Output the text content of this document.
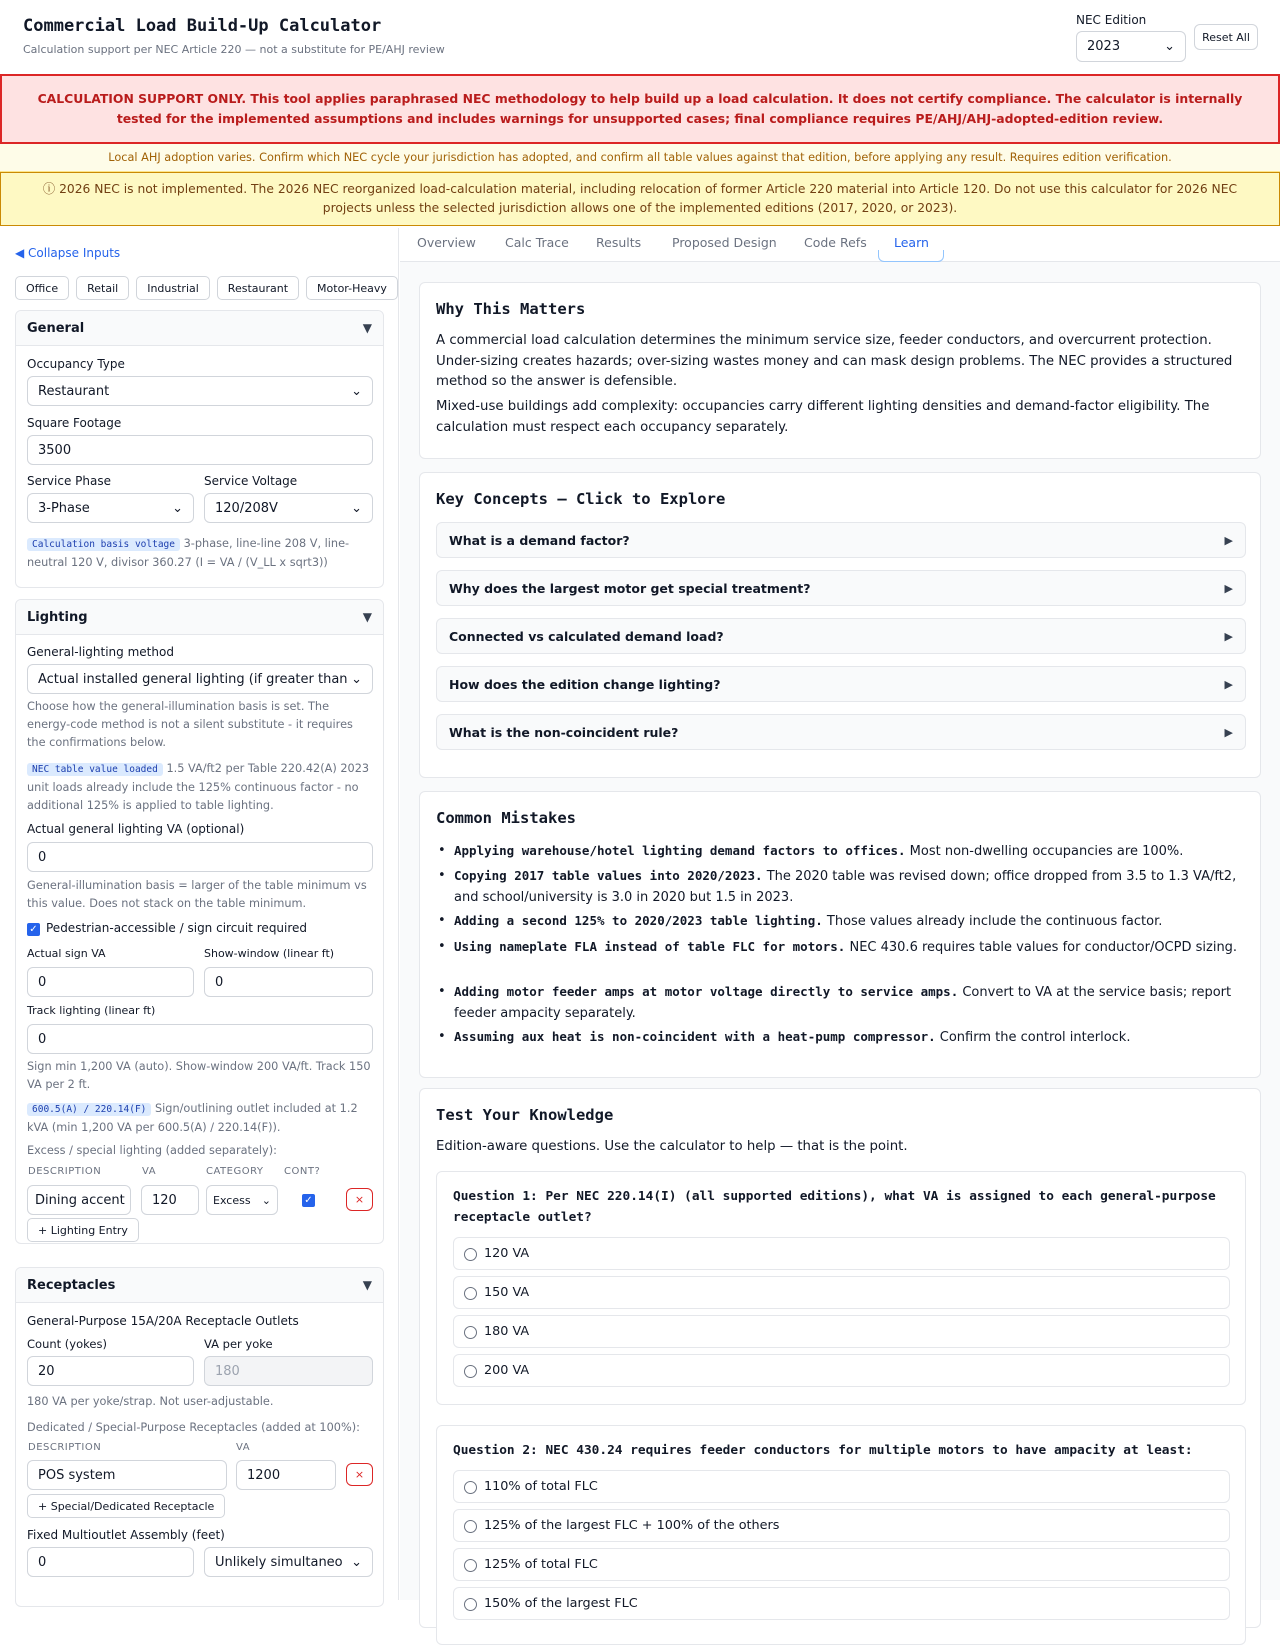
Commercial Load Build-Up Calculator
Calculation support per NEC Article 220 — not a substitute for PE/AHJ review
NEC Edition
2023	⌄
Reset All
CALCULATION SUPPORT ONLY. This tool applies paraphrased NEC methodology to help build up a load calculation. It does not certify compliance. The calculator is internally tested for the implemented assumptions and includes warnings for unsupported cases; final compliance requires PE/AHJ/AHJ-adopted-edition review.
Local AHJ adoption varies. Confirm which NEC cycle your jurisdiction has adopted, and confirm all table values against that edition, before applying any result. Requires edition verification.
ⓘ 2026 NEC is not implemented. The 2026 NEC reorganized load-calculation material, including relocation of former Article 220 material into Article 120. Do not use this calculator for 2026 NEC projects unless the selected jurisdiction allows one of the implemented editions (2017, 2020, or 2023).
◀ Collapse Inputs
Office	Retail	Industrial	Restaurant	Motor-Heavy
General	▼
Occupancy Type
Restaurant	⌄
Square Footage
3500
Service Phase
3-Phase	⌄
Service Voltage
120/208V	⌄
Calculation basis voltage 3-phase, line-line 208 V, line-neutral 120 V, divisor 360.27 (I = VA / (V_LL x sqrt3))
Lighting	▼
General-lighting method
Actual installed general lighting (if greater than ⌄
Choose how the general-illumination basis is set. The energy-code method is not a silent substitute - it requires the confirmations below.
NEC table value loaded 1.5 VA/ft2 per Table 220.42(A) 2023 unit loads already include the 125% continuous factor - no additional 125% is applied to table lighting.
Actual general lighting VA (optional)
0
General-illumination basis = larger of the table minimum vs this value. Does not stack on the table minimum.
✓ Pedestrian-accessible / sign circuit required
Actual sign VA
0
Show-window (linear ft)
0
Track lighting (linear ft)
0
Sign min 1,200 VA (auto). Show-window 200 VA/ft. Track 150 VA per 2 ft.
600.5(A) / 220.14(F) Sign/outlining outlet included at 1.2 kVA (min 1,200 VA per 600.5(A) / 220.14(F)).
Excess / special lighting (added separately):
DESCRIPTION	VA	CATEGORY CONT?
Dining accent	120	Excess	⌄	✓	×
+ Lighting Entry
Receptacles	▼
General-Purpose 15A/20A Receptacle Outlets
Count (yokes)
20
VA per yoke
180
180 VA per yoke/strap. Not user-adjustable.
Dedicated / Special-Purpose Receptacles (added at 100%):
DESCRIPTION	VA
POS system	1200	×
+ Special/Dedicated Receptacle
Fixed Multioutlet Assembly (feet)
0	Unlikely simultaneo ⌄
Overview Calc Trace Results Proposed Design Code Refs Learn
Why This Matters
A commercial load calculation determines the minimum service size, feeder conductors, and overcurrent protection. Under-sizing creates hazards; over-sizing wastes money and can mask design problems. The NEC provides a structured method so the answer is defensible.
Mixed-use buildings add complexity: occupancies carry different lighting densities and demand-factor eligibility. The calculation must respect each occupancy separately.
Key Concepts — Click to Explore
What is a demand factor?	▶
Why does the largest motor get special treatment?	▶
Connected vs calculated demand load?	▶
How does the edition change lighting?	▶
What is the non-coincident rule?	▶
Common Mistakes
• Applying warehouse/hotel lighting demand factors to offices. Most non-dwelling occupancies are 100%.
• Copying 2017 table values into 2020/2023. The 2020 table was revised down; office dropped from 3.5 to 1.3 VA/ft2, and school/university is 3.0 in 2020 but 1.5 in 2023.
• Adding a second 125% to 2020/2023 table lighting. Those values already include the continuous factor.
• Using nameplate FLA instead of table FLC for motors. NEC 430.6 requires table values for conductor/OCPD sizing.
• Adding motor feeder amps at motor voltage directly to service amps. Convert to VA at the service basis; report feeder ampacity separately.
• Assuming aux heat is non-coincident with a heat-pump compressor. Confirm the control interlock.
Test Your Knowledge
Edition-aware questions. Use the calculator to help — that is the point.
Question 1: Per NEC 220.14(I) (all supported editions), what VA is assigned to each general-purpose receptacle outlet?
120 VA
150 VA
180 VA
200 VA
Question 2: NEC 430.24 requires feeder conductors for multiple motors to have ampacity at least:
110% of total FLC
125% of the largest FLC + 100% of the others
125% of total FLC
150% of the largest FLC
